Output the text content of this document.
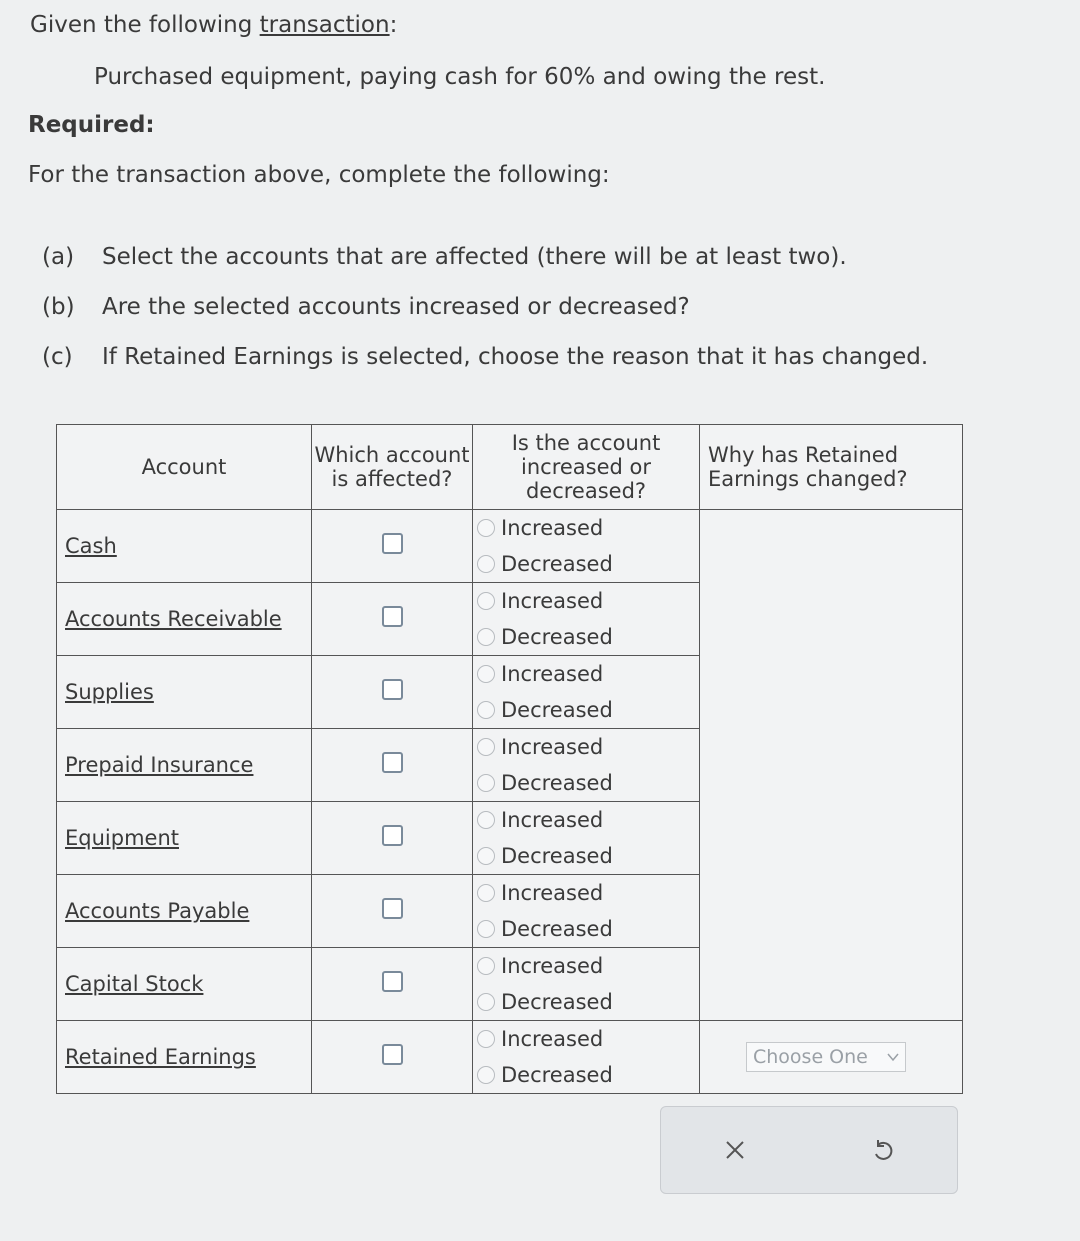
Given the following transaction:
Purchased equipment, paying cash for 60% and owing the rest.
Required:
For the transaction above, complete the following:
(a)	Select the accounts that are affected (there will be at least two).
(b)	Are the selected accounts increased or decreased?
(c)	If Retained Earnings is selected, choose the reason that it has changed.
Account	Which account is affected?	Is the account increased or decreased?	Why has Retained Earnings changed?
Cash		Increased
Decreased	

Accounts Receivable		Increased
Decreased	

Supplies		Increased
Decreased	

Prepaid Insurance		Increased
Decreased	

Equipment		Increased
Decreased	

Accounts Payable		Increased
Decreased	

Capital Stock		Increased
Decreased	

Retained Earnings		Increased
Decreased	Choose One
